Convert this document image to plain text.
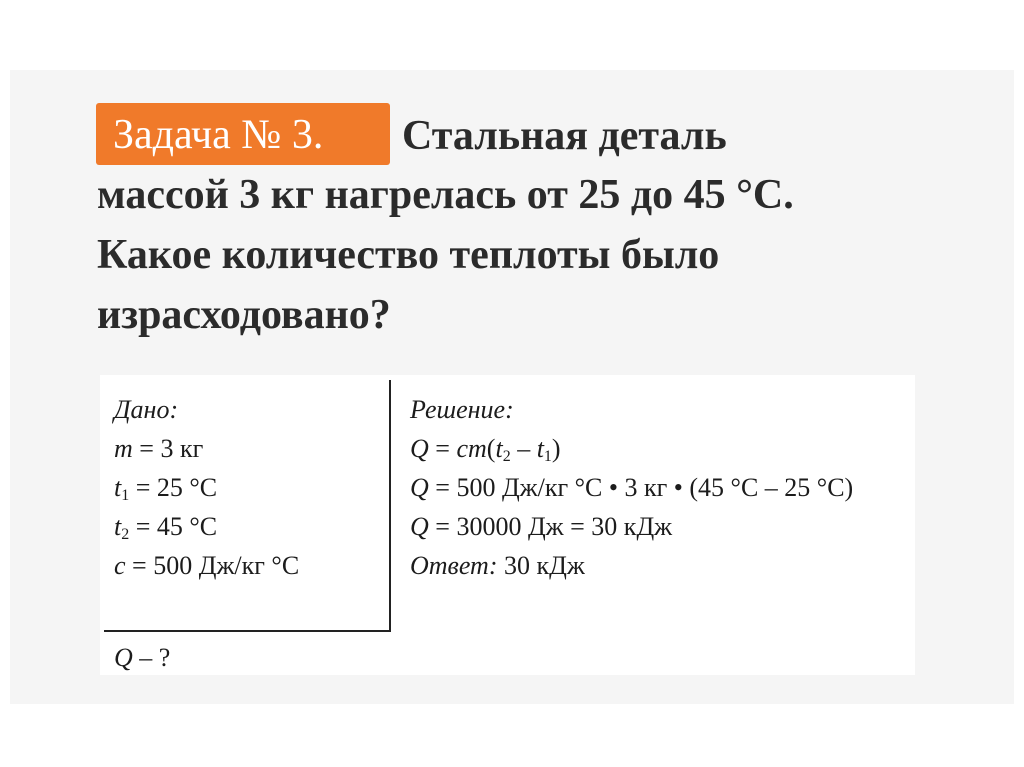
Задача № 3. Стальная деталь
массой 3 кг нагрелась от 25 до 45 °C.
Какое количество теплоты было
израсходовано?
Дано:
m = 3 кг
$t_1 = 25$ °C
$t_2 = 45$ °C
c = 500 Дж/кг °C
Q – ?
Решение:
$Q = cm(t_2 - t_1)$
Q = 500 Дж/кг °C • 3 кг • (45 °C – 25 °C)
Q = 30000 Дж = 30 кДж
Ответ: 30 кДж
